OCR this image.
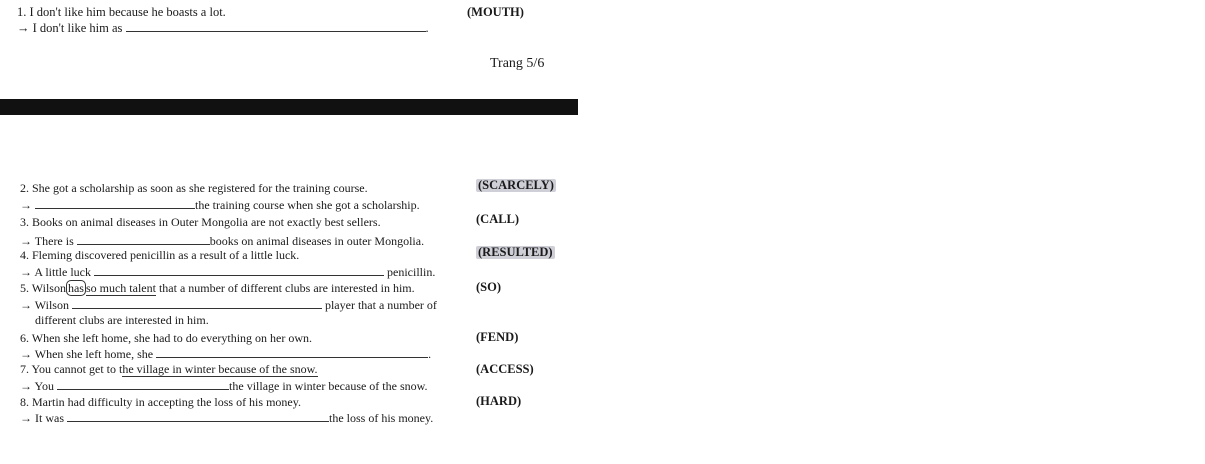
1. I don't like him because he boasts a lot.	(MOUTH)
→ I don't like him as	.
Trang 5/6
2. She got a scholarship as soon as she registered for the training course.	(SCARCELY)
→	the training course when she got a scholarship.
3. Books on animal diseases in Outer Mongolia are not exactly best sellers.	(CALL)
→ There is	books on animal diseases in outer Mongolia.
4. Fleming discovered penicillin as a result of a little luck.	(RESULTED)
→ A little luck	penicillin.
5. Wilson has so much talent that a number of different clubs are interested in him.	(SO)
→ Wilson	player that a number of
different clubs are interested in him.
6. When she left home, she had to do everything on her own.	(FEND)
→ When she left home, she	.
7. You cannot get to the village in winter because of the snow.	(ACCESS)
→ You	the village in winter because of the snow.
8. Martin had difficulty in accepting the loss of his money.	(HARD)
→ It was	the loss of his money.
